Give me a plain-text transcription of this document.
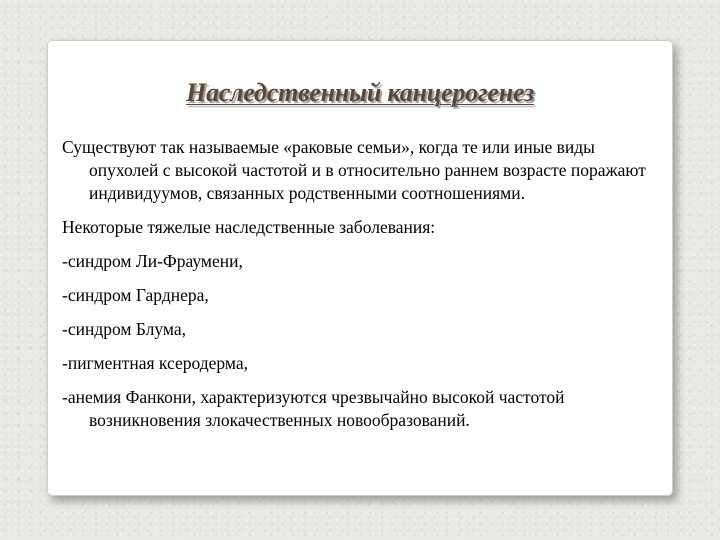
Наследственный канцерогенез

Существуют так называемые «раковые семьи», когда те или иные виды опухолей с высокой частотой и в относительно раннем возрасте поражают индивидуумов, связанных родственными соотношениями.

Некоторые тяжелые наследственные заболевания:

-синдром Ли-Фраумени,

-синдром Гарднера,

-синдром Блума,

-пигментная ксеродерма,

-анемия Фанкони, характеризуются чрезвычайно высокой частотой возникновения злокачественных новообразований.
